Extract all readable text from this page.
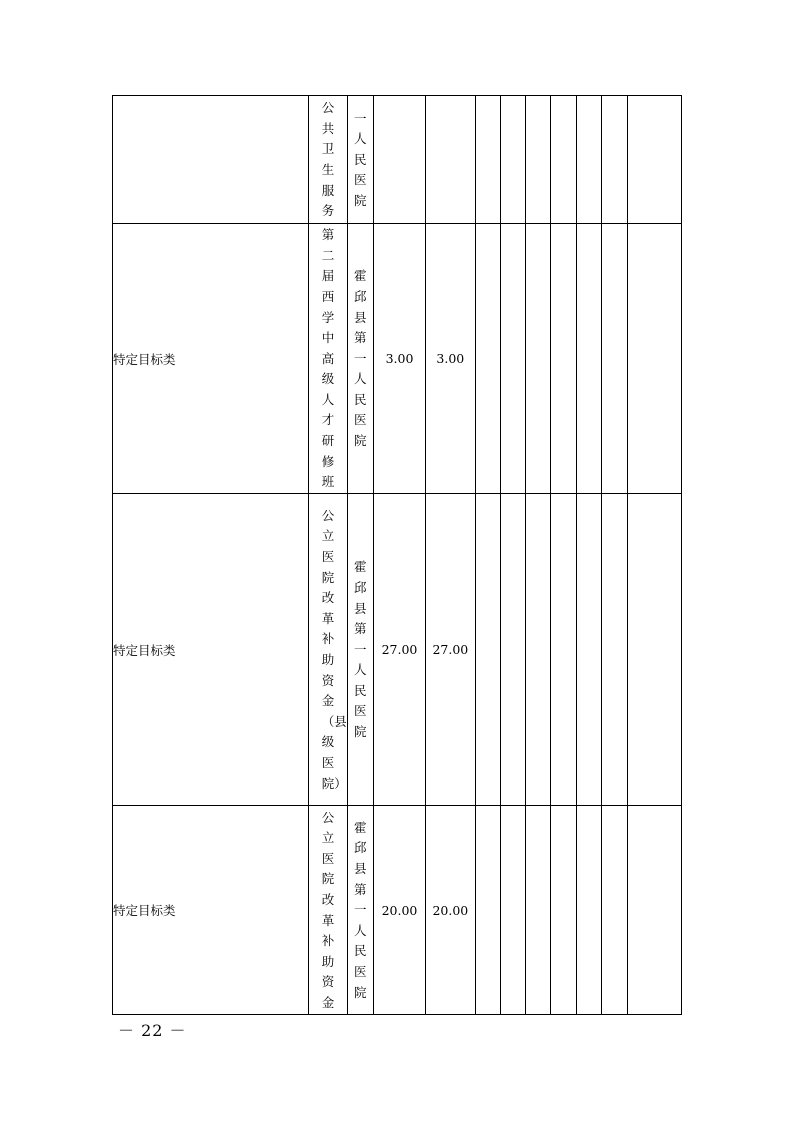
	公共卫生服务	一人民医院									

特定目标类	第二届西学中高级人才研修班	霍邱县第一人民医院	3.00	3.00							
特定目标类	公立医院改革补助资金（县级医院）	霍邱县第一人民医院	27.00	27.00							
特定目标类	公立医院改革补助资金	霍邱县第一人民医院	20.00	20.00							
－ 22 －
